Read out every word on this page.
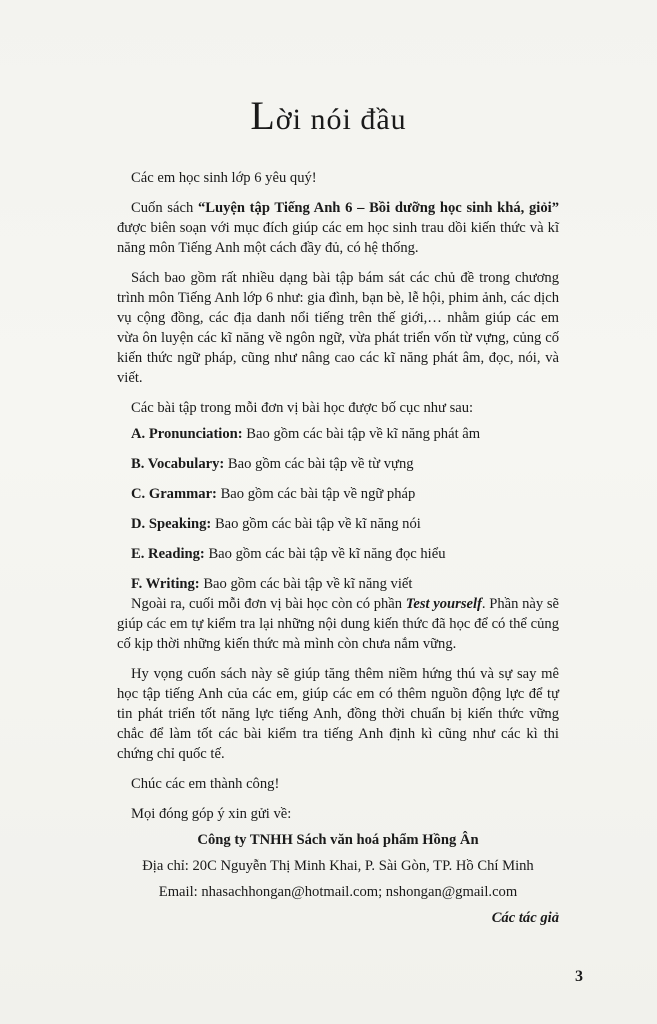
Lời nói đầu

Các em học sinh lớp 6 yêu quý!

Cuốn sách “Luyện tập Tiếng Anh 6 – Bồi dưỡng học sinh khá, giỏi” được biên soạn với mục đích giúp các em học sinh trau dồi kiến thức và kĩ năng môn Tiếng Anh một cách đầy đủ, có hệ thống.

Sách bao gồm rất nhiều dạng bài tập bám sát các chủ đề trong chương trình môn Tiếng Anh lớp 6 như: gia đình, bạn bè, lễ hội, phim ảnh, các dịch vụ cộng đồng, các địa danh nổi tiếng trên thế giới,… nhằm giúp các em vừa ôn luyện các kĩ năng về ngôn ngữ, vừa phát triển vốn từ vựng, củng cố kiến thức ngữ pháp, cũng như nâng cao các kĩ năng phát âm, đọc, nói, và viết.

Các bài tập trong mỗi đơn vị bài học được bố cục như sau:

A. Pronunciation: Bao gồm các bài tập về kĩ năng phát âm

B. Vocabulary: Bao gồm các bài tập về từ vựng

C. Grammar: Bao gồm các bài tập về ngữ pháp

D. Speaking: Bao gồm các bài tập về kĩ năng nói

E. Reading: Bao gồm các bài tập về kĩ năng đọc hiểu

F. Writing: Bao gồm các bài tập về kĩ năng viết

Ngoài ra, cuối mỗi đơn vị bài học còn có phần Test yourself. Phần này sẽ giúp các em tự kiểm tra lại những nội dung kiến thức đã học để có thể củng cố kịp thời những kiến thức mà mình còn chưa nắm vững.

Hy vọng cuốn sách này sẽ giúp tăng thêm niềm hứng thú và sự say mê học tập tiếng Anh của các em, giúp các em có thêm nguồn động lực để tự tin phát triển tốt năng lực tiếng Anh, đồng thời chuẩn bị kiến thức vững chắc để làm tốt các bài kiểm tra tiếng Anh định kì cũng như các kì thi chứng chỉ quốc tế.

Chúc các em thành công!

Mọi đóng góp ý xin gửi về:

Công ty TNHH Sách văn hoá phẩm Hồng Ân

Địa chỉ: 20C Nguyễn Thị Minh Khai, P. Sài Gòn, TP. Hồ Chí Minh

Email: nhasachhongan@hotmail.com; nshongan@gmail.com

Các tác giả

3
